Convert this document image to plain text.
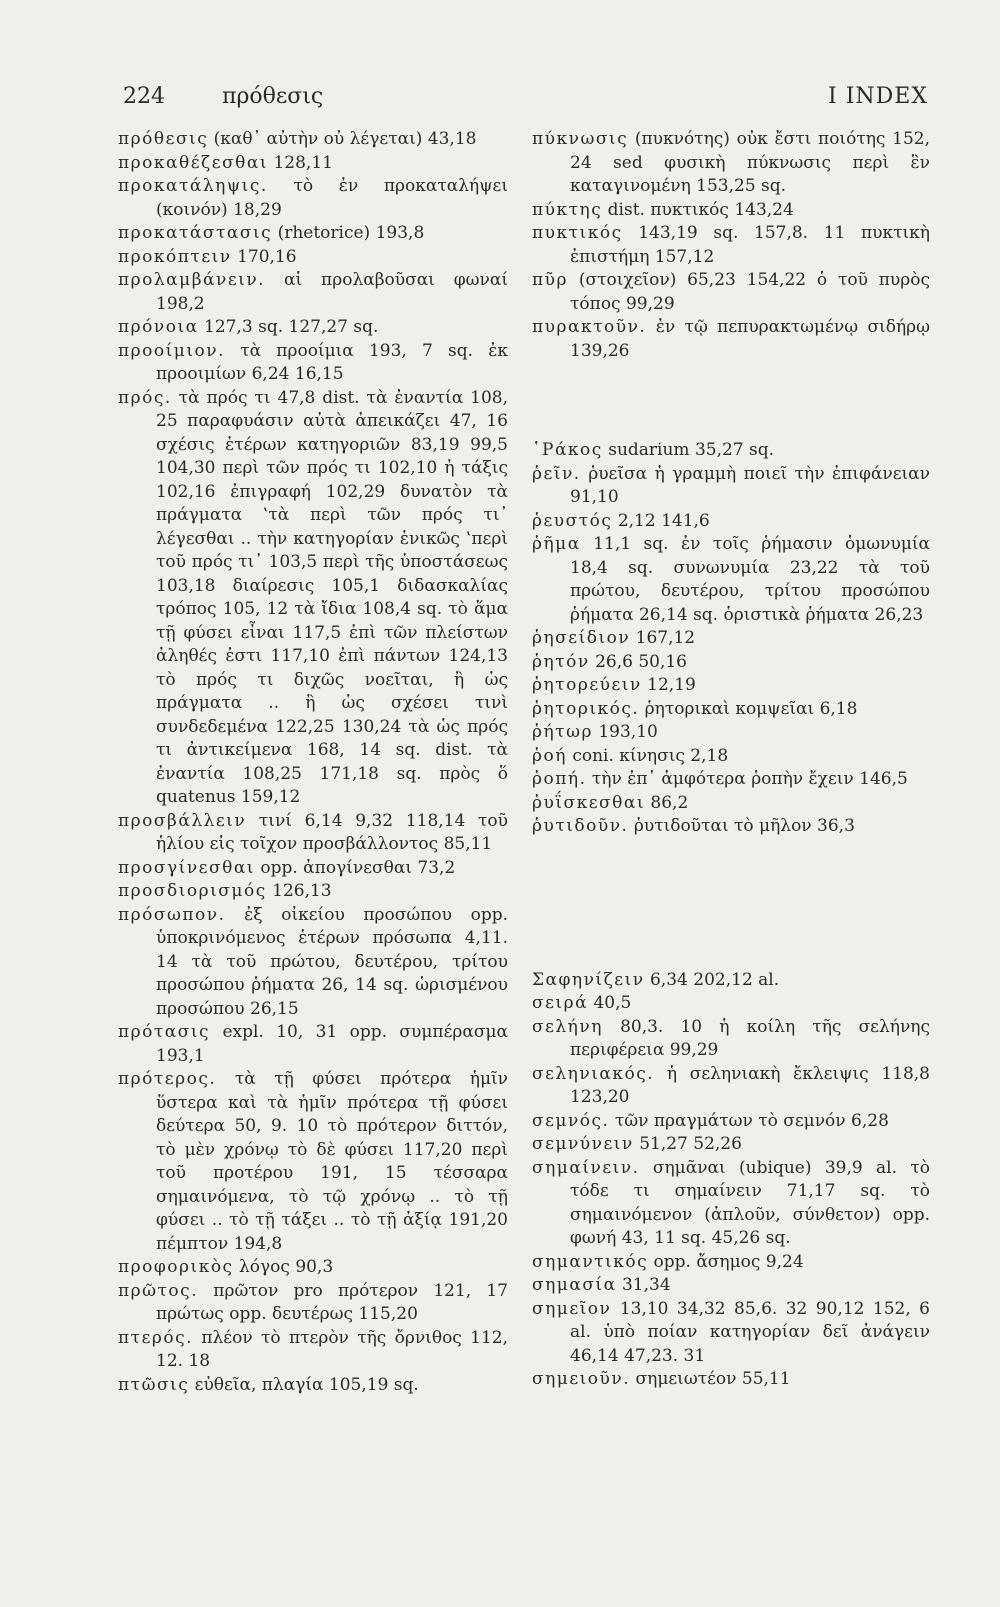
224	πρόθεσις	I INDEX

πρόθεσις (καθ᾽ αὐτὴν οὐ λέγεται) 43,18

προκαθέζεσθαι 128,11

προκατάληψις. τὸ ἐν προκαταλήψει (κοινόν) 18,29

προκατάστασις (rhetorice) 193,8

προκόπτειν 170,16

προλαμβάνειν. αἱ προλαβοῦσαι φωναί 198,2

πρόνοια 127,3 sq. 127,27 sq.

προοίμιον. τὰ προοίμια 193, 7 sq. ἐκ προοιμίων 6,24 16,15

πρός. τὰ πρός τι 47,8 dist. τὰ ἐναντία 108, 25 παραφυάσιν αὐτὰ ἀπεικάζει 47, 16 σχέσις ἑτέρων κατηγοριῶν 83,19 99,5 104,30 περὶ τῶν πρός τι 102,10 ἡ τάξις 102,16 ἐπιγραφή 102,29 δυνατὸν τὰ πράγματα ‛τὰ περὶ τῶν πρός τι᾽ λέγεσθαι .. τὴν κατηγορίαν ἑνικῶς ‛περὶ τοῦ πρός τι᾽ 103,5 περὶ τῆς ὑποστάσεως 103,18 διαίρεσις 105,1 διδασκαλίας τρόπος 105, 12 τὰ ἴδια 108,4 sq. τὸ ἅμα τῇ φύσει εἶναι 117,5 ἐπὶ τῶν πλείστων ἀληθές ἐστι 117,10 ἐπὶ πάντων 124,13 τὸ πρός τι διχῶς νοεῖται, ἢ ὡς πράγματα .. ἢ ὡς σχέσει τινὶ συνδεδεμένα 122,25 130,24 τὰ ὡς πρός τι ἀντικείμενα 168, 14 sq. dist. τὰ ἐναντία 108,25 171,18 sq. πρὸς ὅ quatenus 159,12

προσβάλλειν τινί 6,14 9,32 118,14 τοῦ ἡλίου εἰς τοῖχον προσβάλλοντος 85,11

προσγίνεσθαι opp. ἀπογίνεσθαι 73,2

προσδιορισμός 126,13

πρόσωπον. ἐξ οἰκείου προσώπου opp. ὑποκρινόμενος ἑτέρων πρόσωπα 4,11. 14 τὰ τοῦ πρώτου, δευτέρου, τρίτου προσώπου ῥήματα 26, 14 sq. ὡρισμένου προσώπου 26,15

πρότασις expl. 10, 31 opp. συμπέρασμα 193,1

πρότερος. τὰ τῇ φύσει πρότερα ἡμῖν ὕστερα καὶ τὰ ἡμῖν πρότερα τῇ φύσει δεύτερα 50, 9. 10 τὸ πρότερον διττόν, τὸ μὲν χρόνῳ τὸ δὲ φύσει 117,20 περὶ τοῦ προτέρου 191, 15 τέσσαρα σημαινόμενα, τὸ τῷ χρόνῳ .. τὸ τῇ φύσει .. τὸ τῇ τάξει .. τὸ τῇ ἀξίᾳ 191,20 πέμπτον 194,8

προφορικὸς λόγος 90,3

πρῶτος. πρῶτον pro πρότερον 121, 17 πρώτως opp. δευτέρως 115,20

πτερός. πλέον τὸ πτερὸν τῆς ὄρνιθος 112, 12. 18

πτῶσις εὐθεῖα, πλαγία 105,19 sq.

πύκνωσις (πυκνότης) οὐκ ἔστι ποιότης 152, 24 sed φυσικὴ πύκνωσις περὶ ἓν καταγινομένη 153,25 sq.

πύκτης dist. πυκτικός 143,24

πυκτικός 143,19 sq. 157,8. 11 πυκτικὴ ἐπιστήμη 157,12

πῦρ (στοιχεῖον) 65,23 154,22 ὁ τοῦ πυρὸς τόπος 99,29

πυρακτοῦν. ἐν τῷ πεπυρακτωμένῳ σιδήρῳ 139,26

῾Ράκος sudarium 35,27 sq.

ῥεῖν. ῥυεῖσα ἡ γραμμὴ ποιεῖ τὴν ἐπιφάνειαν 91,10

ῥευστός 2,12 141,6

ῥῆμα 11,1 sq. ἐν τοῖς ῥήμασιν ὁμωνυμία 18,4 sq. συνωνυμία 23,22 τὰ τοῦ πρώτου, δευτέρου, τρίτου προσώπου ῥήματα 26,14 sq. ὁριστικὰ ῥήματα 26,23

ῥησείδιον 167,12

ῥητόν 26,6 50,16

ῥητορεύειν 12,19

ῥητορικός. ῥητορικαὶ κομψεῖαι 6,18

ῥήτωρ 193,10

ῥοή coni. κίνησις 2,18

ῥοπή. τὴν ἐπ᾽ ἀμφότερα ῥοπὴν ἔχειν 146,5

ῥυΐσκεσθαι 86,2

ῥυτιδοῦν. ῥυτιδοῦται τὸ μῆλον 36,3

Σαφηνίζειν 6,34 202,12 al.

σειρά 40,5

σελήνη 80,3. 10 ἡ κοίλη τῆς σελήνης περιφέρεια 99,29

σεληνιακός. ἡ σεληνιακὴ ἔκλειψις 118,8 123,20

σεμνός. τῶν πραγμάτων τὸ σεμνόν 6,28

σεμνύνειν 51,27 52,26

σημαίνειν. σημᾶναι (ubique) 39,9 al. τὸ τόδε τι σημαίνειν 71,17 sq. τὸ σημαινόμενον (ἁπλοῦν, σύνθετον) opp. φωνή 43, 11 sq. 45,26 sq.

σημαντικός opp. ἄσημος 9,24

σημασία 31,34

σημεῖον 13,10 34,32 85,6. 32 90,12 152, 6 al. ὑπὸ ποίαν κατηγορίαν δεῖ ἀνάγειν 46,14 47,23. 31

σημειοῦν. σημειωτέον 55,11
